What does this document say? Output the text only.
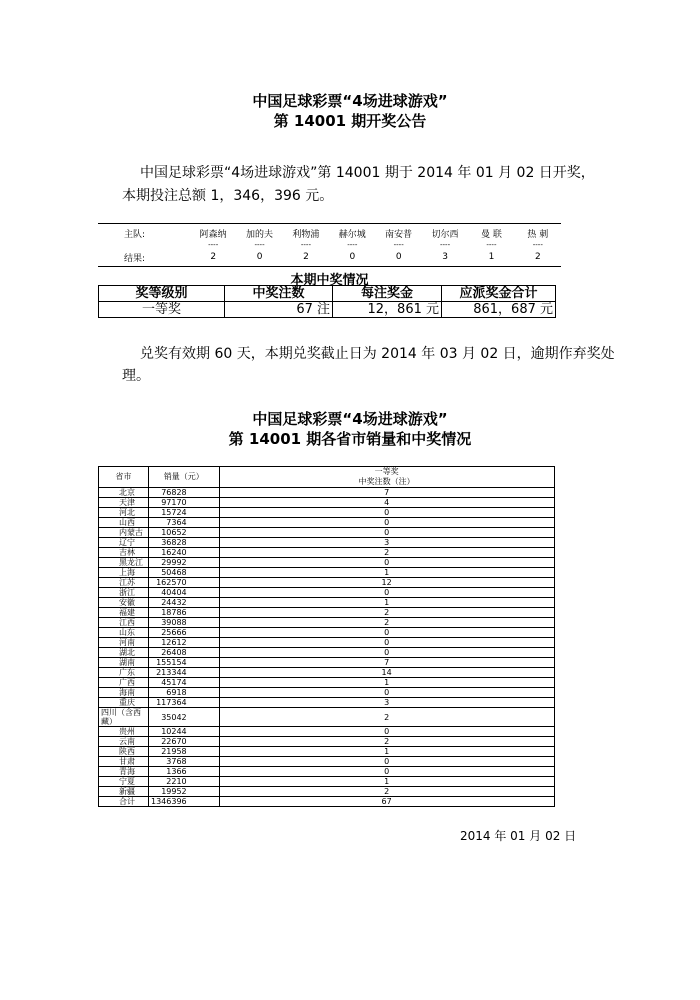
中国足球彩票“4场进球游戏”
第 14001 期开奖公告
中国足球彩票“4场进球游戏”第 14001 期于 2014 年 01 月 02 日开奖，
本期投注总额 1，346，396 元。
主队:	阿森纳	加的夫	利物浦	赫尔城	南安普	切尔西	曼 联	热 刺
----	----	----	----	----	----	----	----
结果:	2	0	2	0	0	3	1	2
本期中奖情况
奖等级别	中奖注数	每注奖金	应派奖金合计
一等奖	67 注	12，861 元	861，687 元
兑奖有效期 60 天，本期兑奖截止日为 2014 年 03 月 02 日，逾期作弃奖处
理。
中国足球彩票“4场进球游戏”
第 14001 期各省市销量和中奖情况
省市	销量（元）	一等奖
中奖注数（注）

北京	76828	7
天津	97170	4
河北	15724	0
山西	7364	0
内蒙古	10652	0
辽宁	36828	3
吉林	16240	2
黑龙江	29992	0
上海	50468	1
江苏	162570	12
浙江	40404	0
安徽	24432	1
福建	18786	2
江西	39088	2
山东	25666	0
河南	12612	0
湖北	26408	0
湖南	155154	7
广东	213344	14
广西	45174	1
海南	6918	0
重庆	117364	3
四川（含西藏）	35042	2
贵州	10244	0
云南	22670	2
陕西	21958	1
甘肃	3768	0
青海	1366	0
宁夏	2210	1
新疆	19952	2
合计	1346396	67
2014 年 01 月 02 日
